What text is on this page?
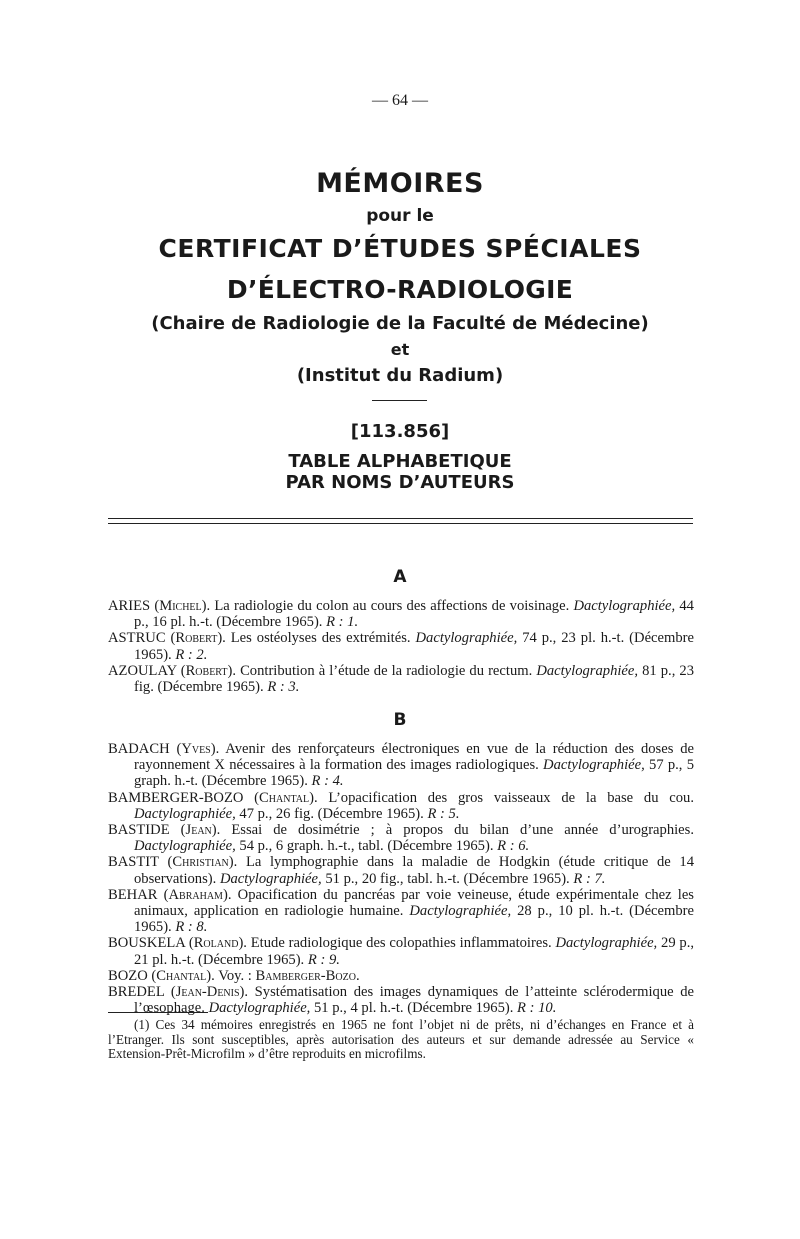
— 64 —
MÉMOIRES
pour le
CERTIFICAT D’ÉTUDES SPÉCIALES
D’ÉLECTRO-RADIOLOGIE
(Chaire de Radiologie de la Faculté de Médecine)
et
(Institut du Radium)
[113.856]
TABLE ALPHABETIQUE
PAR NOMS D’AUTEURS
A

ARIES (Michel). La radiologie du colon au cours des affections de voisinage. Dactylographiée, 44 p., 16 pl. h.-t. (Décembre 1965). R : 1.

ASTRUC (Robert). Les ostéolyses des extrémités. Dactylographiée, 74 p., 23 pl. h.-t. (Décembre 1965). R : 2.

AZOULAY (Robert). Contribution à l’étude de la radiologie du rectum. Dactylographiée, 81 p., 23 fig. (Décembre 1965). R : 3.

B

BADACH (Yves). Avenir des renforçateurs électroniques en vue de la réduction des doses de rayonnement X nécessaires à la formation des images radiologiques. Dactylographiée, 57 p., 5 graph. h.-t. (Décembre 1965). R : 4.

BAMBERGER-BOZO (Chantal). L’opacification des gros vaisseaux de la base du cou. Dactylographiée, 47 p., 26 fig. (Décembre 1965). R : 5.

BASTIDE (Jean). Essai de dosimétrie ; à propos du bilan d’une année d’urographies. Dactylographiée, 54 p., 6 graph. h.-t., tabl. (Décembre 1965). R : 6.

BASTIT (Christian). La lymphographie dans la maladie de Hodgkin (étude critique de 14 observations). Dactylographiée, 51 p., 20 fig., tabl. h.-t. (Décembre 1965). R : 7.

BEHAR (Abraham). Opacification du pancréas par voie veineuse, étude expérimentale chez les animaux, application en radiologie humaine. Dactylographiée, 28 p., 10 pl. h.-t. (Décembre 1965). R : 8.

BOUSKELA (Roland). Etude radiologique des colopathies inflammatoires. Dactylographiée, 29 p., 21 pl. h.-t. (Décembre 1965). R : 9.

BOZO (Chantal). Voy. : Bamberger-Bozo.

BREDEL (Jean-Denis). Systématisation des images dynamiques de l’atteinte sclérodermique de l’œsophage. Dactylographiée, 51 p., 4 pl. h.-t. (Décembre 1965). R : 10.

(1) Ces 34 mémoires enregistrés en 1965 ne font l’objet ni de prêts, ni d’échanges en France et à l’Etranger. Ils sont susceptibles, après autorisation des auteurs et sur demande adressée au Service « Extension-Prêt-Microfilm » d’être reproduits en microfilms.
